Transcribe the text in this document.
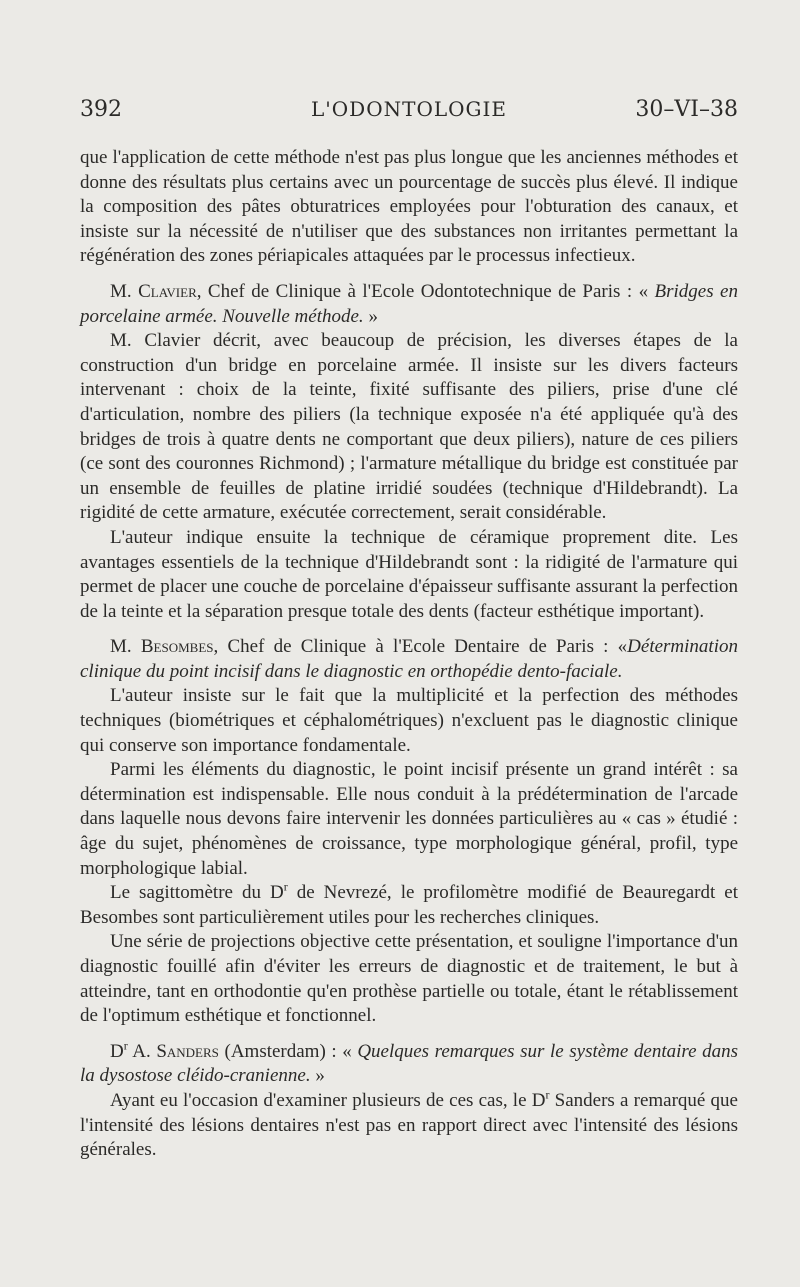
392	L'ODONTOLOGIE	30–VI–38

que l'application de cette méthode n'est pas plus longue que les anciennes méthodes et donne des résultats plus certains avec un pourcentage de succès plus élevé. Il indique la composition des pâtes obturatrices employées pour l'obturation des canaux, et insiste sur la nécessité de n'utiliser que des substances non irritantes permettant la régénération des zones périapicales attaquées par le processus infectieux.

M. Clavier, Chef de Clinique à l'Ecole Odontotechnique de Paris : « Bridges en porcelaine armée. Nouvelle méthode. »

M. Clavier décrit, avec beaucoup de précision, les diverses étapes de la construction d'un bridge en porcelaine armée. Il insiste sur les divers facteurs intervenant : choix de la teinte, fixité suffisante des piliers, prise d'une clé d'articulation, nombre des piliers (la technique exposée n'a été appliquée qu'à des bridges de trois à quatre dents ne comportant que deux piliers), nature de ces piliers (ce sont des couronnes Richmond) ; l'armature métallique du bridge est constituée par un ensemble de feuilles de platine irridié soudées (technique d'Hildebrandt). La rigidité de cette armature, exécutée correctement, serait considérable.

L'auteur indique ensuite la technique de céramique proprement dite. Les avantages essentiels de la technique d'Hildebrandt sont : la ridigité de l'armature qui permet de placer une couche de porcelaine d'épaisseur suffisante assurant la perfection de la teinte et la séparation presque totale des dents (facteur esthétique important).

M. Besombes, Chef de Clinique à l'Ecole Dentaire de Paris : «Détermination clinique du point incisif dans le diagnostic en orthopédie dento-faciale.

L'auteur insiste sur le fait que la multiplicité et la perfection des méthodes techniques (biométriques et céphalométriques) n'excluent pas le diagnostic clinique qui conserve son importance fondamentale.

Parmi les éléments du diagnostic, le point incisif présente un grand intérêt : sa détermination est indispensable. Elle nous conduit à la prédétermination de l'arcade dans laquelle nous devons faire intervenir les données particulières au « cas » étudié : âge du sujet, phénomènes de croissance, type morphologique général, profil, type morphologique labial.

Le sagittomètre du $D^r$ de Nevrezé, le profilomètre modifié de Beauregardt et Besombes sont particulièrement utiles pour les recherches cliniques.

Une série de projections objective cette présentation, et souligne l'importance d'un diagnostic fouillé afin d'éviter les erreurs de diagnostic et de traitement, le but à atteindre, tant en orthodontie qu'en prothèse partielle ou totale, étant le rétablissement de l'optimum esthétique et fonctionnel.

$D^r$ A. Sanders (Amsterdam) : « Quelques remarques sur le système dentaire dans la dysostose cléido-cranienne. »

Ayant eu l'occasion d'examiner plusieurs de ces cas, le $D^r$ Sanders a remarqué que l'intensité des lésions dentaires n'est pas en rapport direct avec l'intensité des lésions générales.
